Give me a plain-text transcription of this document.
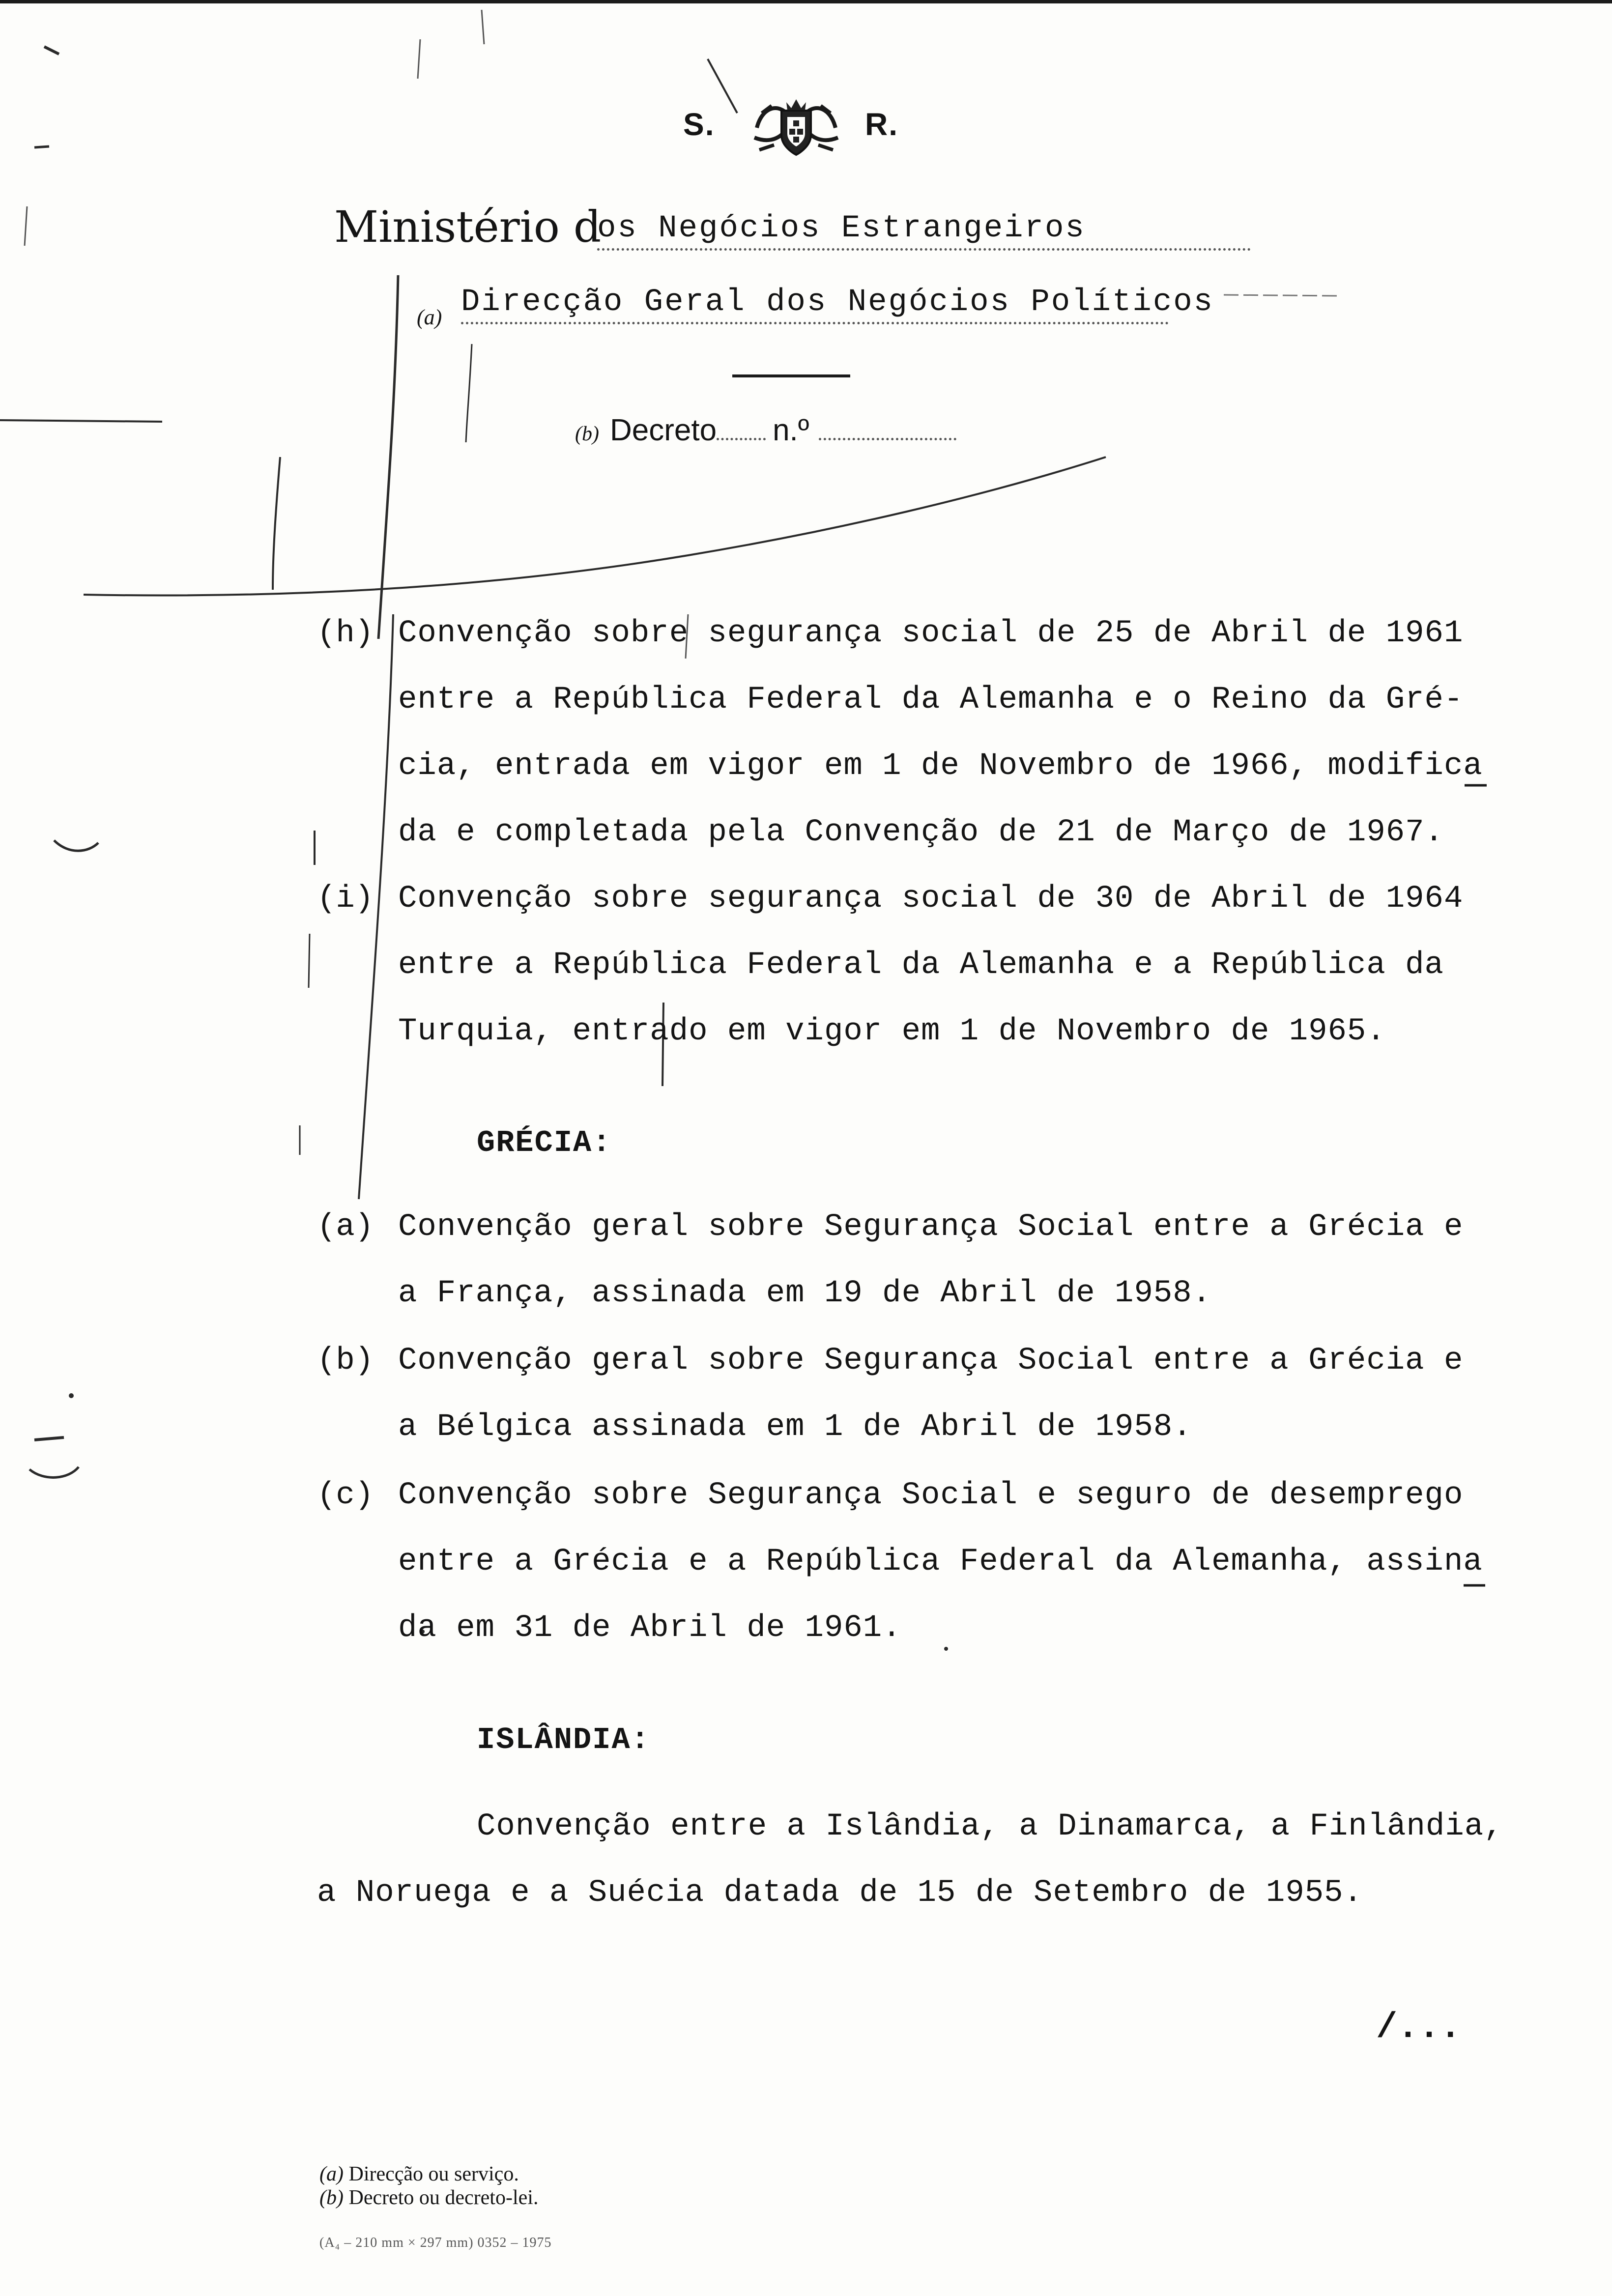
S.	R.
Ministério d
os Negócios Estrangeiros
(a) Direcção Geral dos Negócios Políticos
(b) Decreto n.º
(h) Convenção sobre segurança social de 25 de Abril de 1961
entre a República Federal da Alemanha e o Reino da Gré-
cia, entrada em vigor em 1 de Novembro de 1966, modifica
da e completada pela Convenção de 21 de Março de 1967.
(i) Convenção sobre segurança social de 30 de Abril de 1964
entre a República Federal da Alemanha e a República da
Turquia, entrado em vigor em 1 de Novembro de 1965.
GRÉCIA:
(a) Convenção geral sobre Segurança Social entre a Grécia e
a França, assinada em 19 de Abril de 1958.
(b) Convenção geral sobre Segurança Social entre a Grécia e
a Bélgica assinada em 1 de Abril de 1958.
(c) Convenção sobre Segurança Social e seguro de desemprego
entre a Grécia e a República Federal da Alemanha, assina
da em 31 de Abril de 1961.
ISLÂNDIA:
Convenção entre a Islândia, a Dinamarca, a Finlândia,
a Noruega e a Suécia datada de 15 de Setembro de 1955.
/...
(a) Direcção ou serviço.
(b) Decreto ou decreto-lei.
(A₄ – 210 mm × 297 mm) 0352 – 1975
